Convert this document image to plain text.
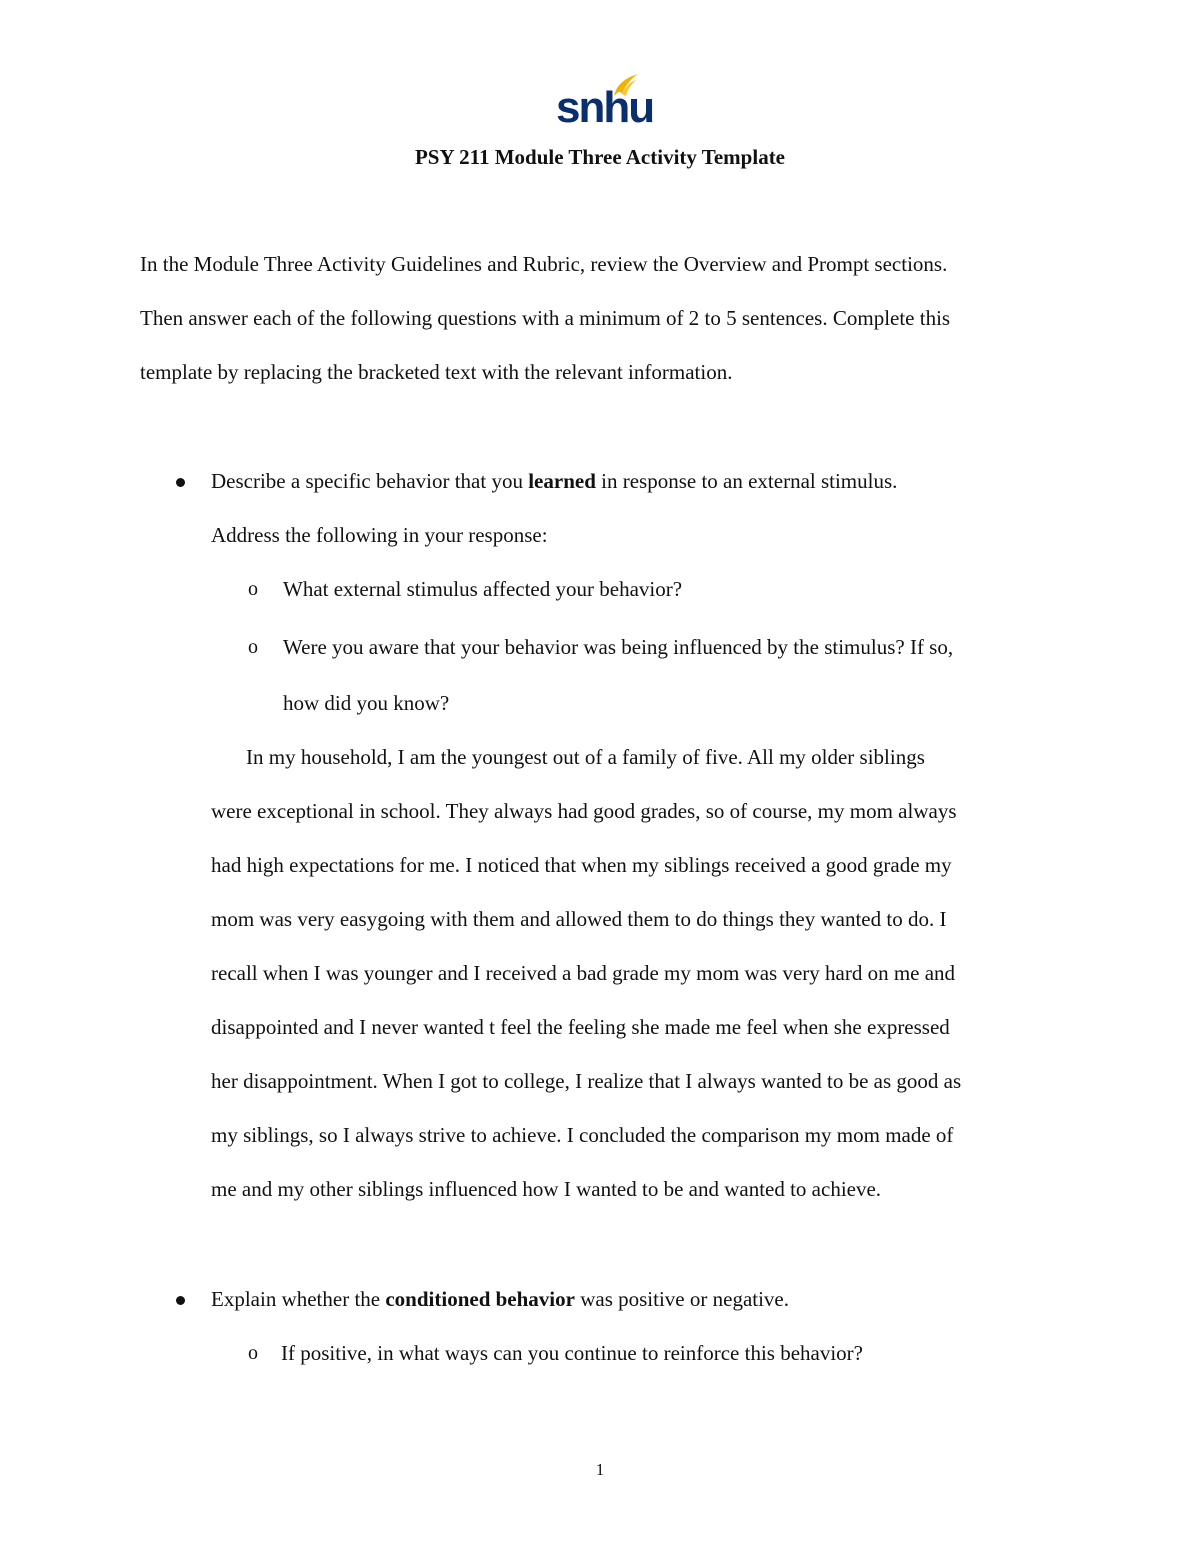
snhu
PSY 211 Module Three Activity Template
In the Module Three Activity Guidelines and Rubric, review the Overview and Prompt sections.
Then answer each of the following questions with a minimum of 2 to 5 sentences. Complete this
template by replacing the bracketed text with the relevant information.
Describe a specific behavior that you learned in response to an external stimulus.
Address the following in your response:
o What external stimulus affected your behavior?
o Were you aware that your behavior was being influenced by the stimulus? If so,
how did you know?
In my household, I am the youngest out of a family of five. All my older siblings
were exceptional in school. They always had good grades, so of course, my mom always
had high expectations for me. I noticed that when my siblings received a good grade my
mom was very easygoing with them and allowed them to do things they wanted to do. I
recall when I was younger and I received a bad grade my mom was very hard on me and
disappointed and I never wanted t feel the feeling she made me feel when she expressed
her disappointment. When I got to college, I realize that I always wanted to be as good as
my siblings, so I always strive to achieve. I concluded the comparison my mom made of
me and my other siblings influenced how I wanted to be and wanted to achieve.
Explain whether the conditioned behavior was positive or negative.
o If positive, in what ways can you continue to reinforce this behavior?
1
